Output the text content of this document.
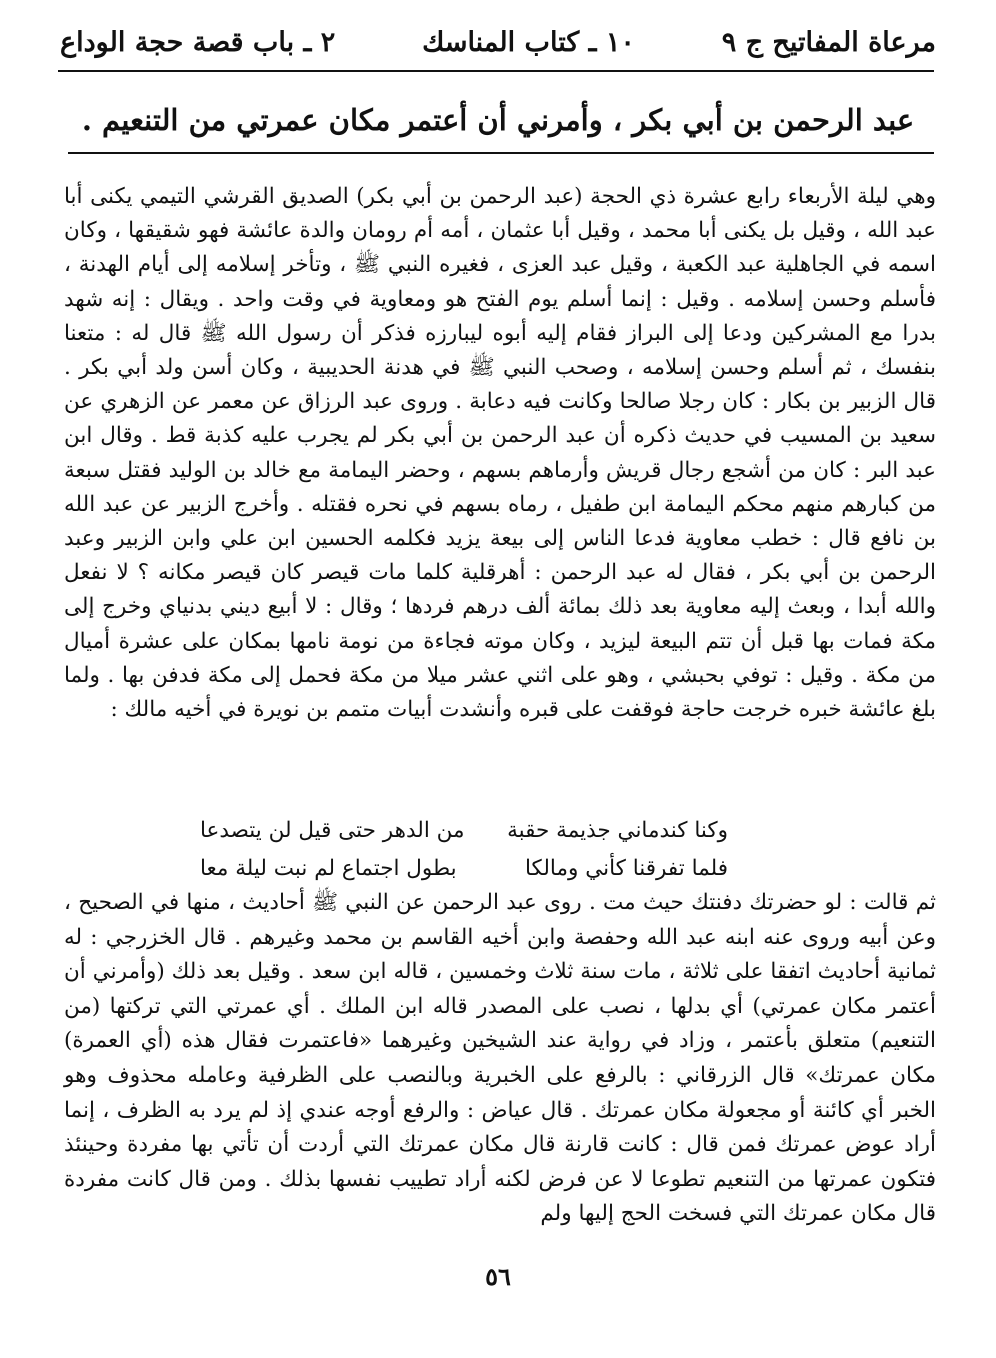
مرعاة المفاتيح ج ٩
١٠ ـ كتاب المناسك
٢ ـ باب قصة حجة الوداع
عبد الرحمن بن أبي بكر ، وأمرني أن أعتمر مكان عمرتي من التنعيم .

وهي ليلة الأربعاء رابع عشرة ذي الحجة (عبد الرحمن بن أبي بكر) الصديق القرشي التيمي يكنى أبا عبد الله ، وقيل بل يكنى أبا محمد ، وقيل أبا عثمان ، أمه أم رومان والدة عائشة فهو شقيقها ، وكان اسمه في الجاهلية عبد الكعبة ، وقيل عبد العزى ، فغيره النبي ﷺ ، وتأخر إسلامه إلى أيام الهدنة ، فأسلم وحسن إسلامه . وقيل : إنما أسلم يوم الفتح هو ومعاوية في وقت واحد . ويقال : إنه شهد بدرا مع المشركين ودعا إلى البراز فقام إليه أبوه ليبارزه فذكر أن رسول الله ﷺ قال له : متعنا بنفسك ، ثم أسلم وحسن إسلامه ، وصحب النبي ﷺ في هدنة الحديبية ، وكان أسن ولد أبي بكر . قال الزبير بن بكار : كان رجلا صالحا وكانت فيه دعابة . وروى عبد الرزاق عن معمر عن الزهري عن سعيد بن المسيب في حديث ذكره أن عبد الرحمن بن أبي بكر لم يجرب عليه كذبة قط . وقال ابن عبد البر : كان من أشجع رجال قريش وأرماهم بسهم ، وحضر اليمامة مع خالد بن الوليد فقتل سبعة من كبارهم منهم محكم اليمامة ابن طفيل ، رماه بسهم في نحره فقتله . وأخرج الزبير عن عبد الله بن نافع قال : خطب معاوية فدعا الناس إلى بيعة يزيد فكلمه الحسين ابن علي وابن الزبير وعبد الرحمن بن أبي بكر ، فقال له عبد الرحمن : أهرقلية كلما مات قيصر كان قيصر مكانه ؟ لا نفعل والله أبدا ، وبعث إليه معاوية بعد ذلك بمائة ألف درهم فردها ؛ وقال : لا أبيع ديني بدنياي وخرج إلى مكة فمات بها قبل أن تتم البيعة ليزيد ، وكان موته فجاءة من نومة نامها بمكان على عشرة أميال من مكة . وقيل : توفي بحبشي ، وهو على اثني عشر ميلا من مكة فحمل إلى مكة فدفن بها . ولما بلغ عائشة خبره خرجت حاجة فوقفت على قبره وأنشدت أبيات متمم بن نويرة في أخيه مالك :

وكنا كندماني جذيمة حقبة
من الدهر حتى قيل لن يتصدعا
فلما تفرقنا كأني ومالكا
بطول اجتماع لم نبت ليلة معا

ثم قالت : لو حضرتك دفنتك حيث مت . روى عبد الرحمن عن النبي ﷺ أحاديث ، منها في الصحيح ، وعن أبيه وروى عنه ابنه عبد الله وحفصة وابن أخيه القاسم بن محمد وغيرهم . قال الخزرجي : له ثمانية أحاديث اتفقا على ثلاثة ، مات سنة ثلاث وخمسين ، قاله ابن سعد . وقيل بعد ذلك (وأمرني أن أعتمر مكان عمرتي) أي بدلها ، نصب على المصدر قاله ابن الملك . أي عمرتي التي تركتها (من التنعيم) متعلق بأعتمر ، وزاد في رواية عند الشيخين وغيرهما «فاعتمرت فقال هذه (أي العمرة) مكان عمرتك» قال الزرقاني : بالرفع على الخبرية وبالنصب على الظرفية وعامله محذوف وهو الخبر أي كائنة أو مجعولة مكان عمرتك . قال عياض : والرفع أوجه عندي إذ لم يرد به الظرف ، إنما أراد عوض عمرتك فمن قال : كانت قارنة قال مكان عمرتك التي أردت أن تأتي بها مفردة وحينئذ فتكون عمرتها من التنعيم تطوعا لا عن فرض لكنه أراد تطييب نفسها بذلك . ومن قال كانت مفردة قال مكان عمرتك التي فسخت الحج إليها ولم

٥٦
